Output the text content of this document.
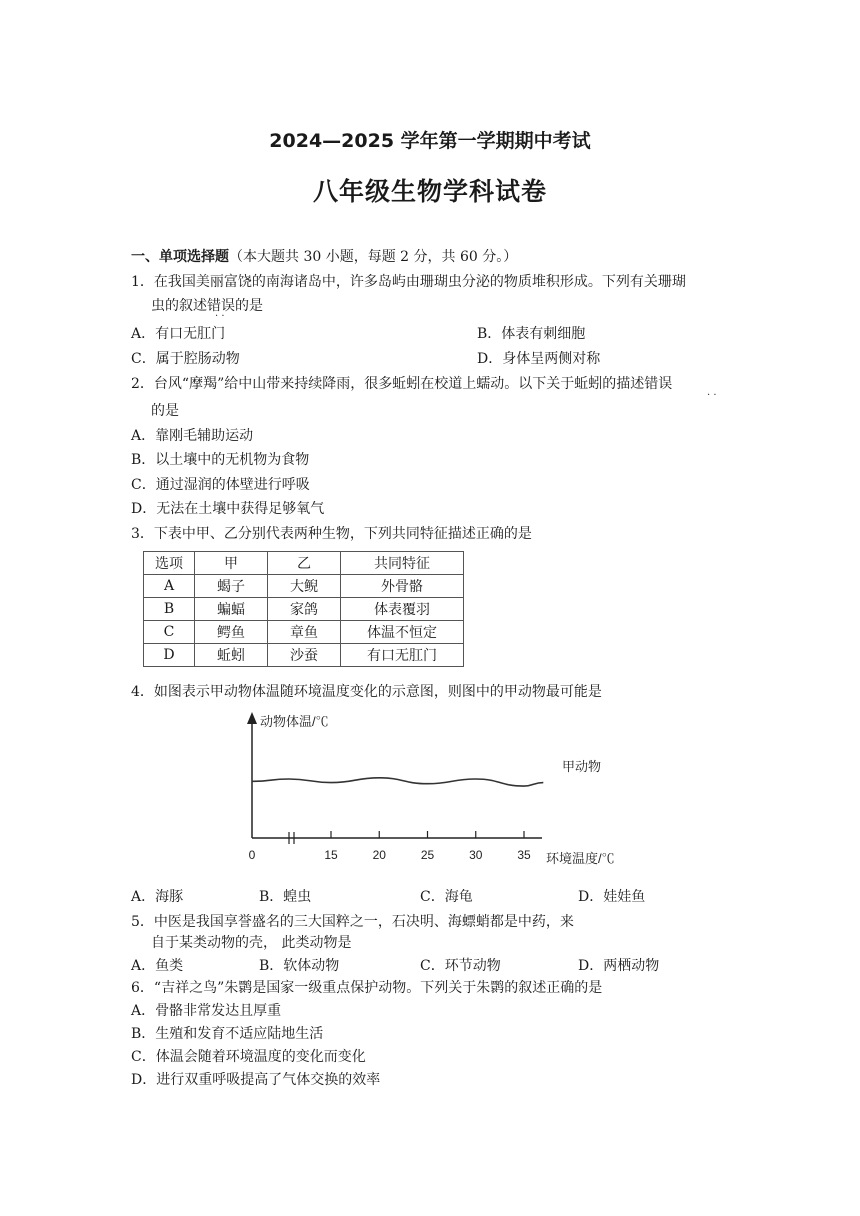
2024—2025 学年第一学期期中考试
八年级生物学科试卷
一、单项选择题（本大题共 30 小题，每题 2 分，共 60 分。）
1．在我国美丽富饶的南海诸岛中，许多岛屿由珊瑚虫分泌的物质堆积形成。下列有关珊瑚
虫的叙述错误的是
· ·
A．有口无肛门	B．体表有刺细胞
C．属于腔肠动物	D．身体呈两侧对称
2．台风“摩羯”给中山带来持续降雨，很多蚯蚓在校道上蠕动。以下关于蚯蚓的描述错误
· ·
的是
A．靠刚毛辅助运动
B．以土壤中的无机物为食物
C．通过湿润的体壁进行呼吸
D．无法在土壤中获得足够氧气
3．下表中甲、乙分别代表两种生物，下列共同特征描述正确的是
选项	甲	乙	共同特征
A	蝎子	大鲵	外骨骼
B	蝙蝠	家鸽	体表覆羽
C	鳄鱼	章鱼	体温不恒定
D	蚯蚓	沙蚕	有口无肛门
4．如图表示甲动物体温随环境温度变化的示意图，则图中的甲动物最可能是
0	15	20	25	30	35
动物体温/℃
环境温度/℃
甲动物
A．海豚	B．蝗虫	C．海龟	D．娃娃鱼
5．中医是我国享誉盛名的三大国粹之一，石决明、海螵蛸都是中药，来
自于某类动物的壳， 此类动物是
A．鱼类	B．软体动物	C．环节动物	D．两栖动物
6．“吉祥之鸟”朱鹮是国家一级重点保护动物。下列关于朱鹮的叙述正确的是
A．骨骼非常发达且厚重
B．生殖和发育不适应陆地生活
C．体温会随着环境温度的变化而变化
D．进行双重呼吸提高了气体交换的效率
